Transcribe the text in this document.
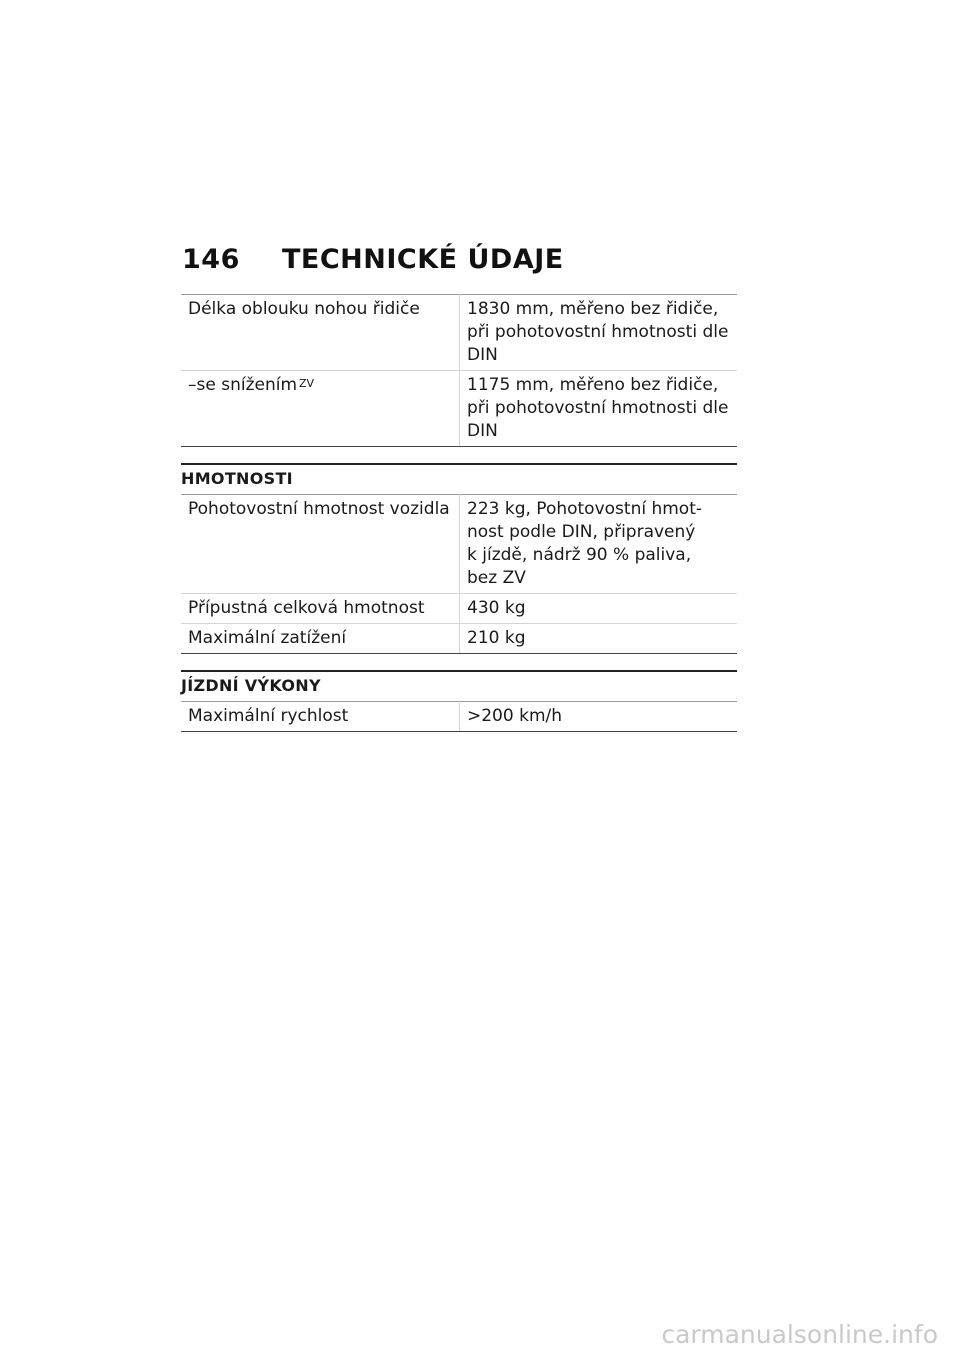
146	TECHNICKÉ ÚDAJE
Délka oblouku nohou řidiče	1830 mm, měřeno bez řidiče, při pohotovostní hmotnosti dle DIN
–se snížením $^{ZV}$	1175 mm, měřeno bez řidiče, při pohotovostní hmotnosti dle DIN
HMOTNOSTI
Pohotovostní hmotnost vozidla	223 kg, Pohotovostní hmot-
nost podle DIN, připravený
k jízdě, nádrž 90 % paliva,
bez ZV

Přípustná celková hmotnost	430 kg
Maximální zatížení	210 kg
JÍZDNÍ VÝKONY
Maximální rychlost	>200 km/h
carmanualsonline.info
